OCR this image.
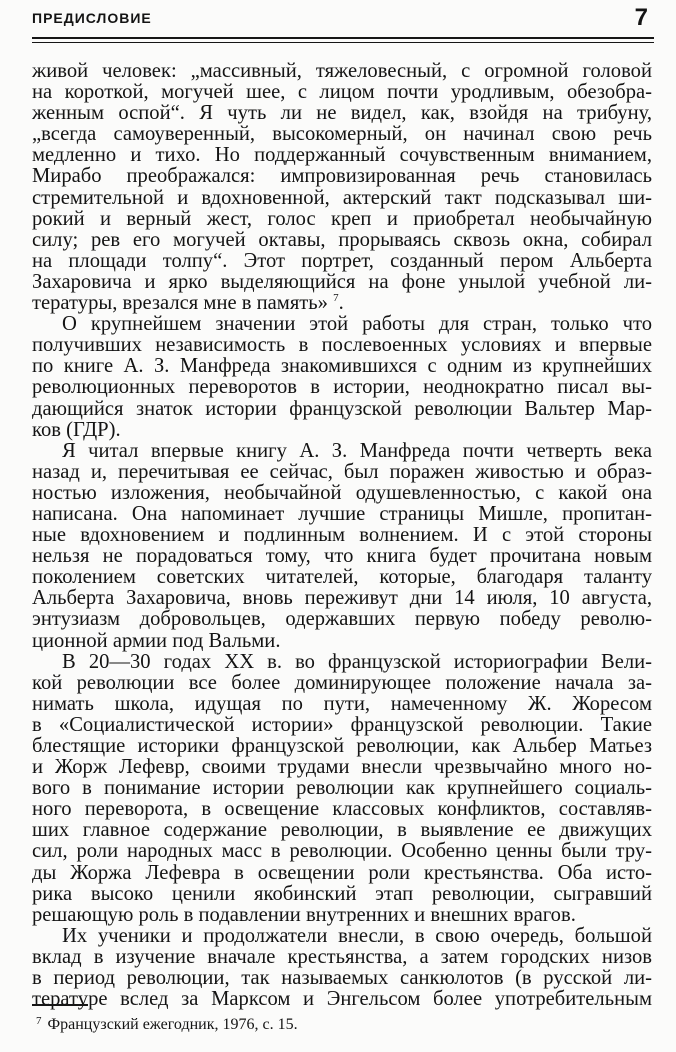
ПРЕДИСЛОВИЕ	7
живой человек: „массивный, тяжеловесный, с огромной головой
на короткой, могучей шее, с лицом почти уродливым, обезобра-
женным оспой“. Я чуть ли не видел, как, взойдя на трибуну,
„всегда самоуверенный, высокомерный, он начинал свою речь
медленно и тихо. Но поддержанный сочувственным вниманием,
Мирабо преображался: импровизированная речь становилась
стремительной и вдохновенной, актерский такт подсказывал ши-
рокий и верный жест, голос креп и приобретал необычайную
силу; рев его могучей октавы, прорываясь сквозь окна, собирал
на площади толпу“. Этот портрет, созданный пером Альберта
Захаровича и ярко выделяющийся на фоне унылой учебной ли-
тературы, врезался мне в память» $^7$.
О крупнейшем значении этой работы для стран, только что
получивших независимость в послевоенных условиях и впервые
по книге А. З. Манфреда знакомившихся с одним из крупнейших
революционных переворотов в истории, неоднократно писал вы-
дающийся знаток истории французской революции Вальтер Мар-
ков (ГДР).
Я читал впервые книгу А. З. Манфреда почти четверть века
назад и, перечитывая ее сейчас, был поражен живостью и образ-
ностью изложения, необычайной одушевленностью, с какой она
написана. Она напоминает лучшие страницы Мишле, пропитан-
ные вдохновением и подлинным волнением. И с этой стороны
нельзя не порадоваться тому, что книга будет прочитана новым
поколением советских читателей, которые, благодаря таланту
Альберта Захаровича, вновь переживут дни 14 июля, 10 августа,
энтузиазм добровольцев, одержавших первую победу револю-
ционной армии под Вальми.
В 20—30 годах XX в. во французской историографии Вели-
кой революции все более доминирующее положение начала за-
нимать школа, идущая по пути, намеченному Ж. Жоресом
в «Социалистической истории» французской революции. Такие
блестящие историки французской революции, как Альбер Матьез
и Жорж Лефевр, своими трудами внесли чрезвычайно много но-
вого в понимание истории революции как крупнейшего социаль-
ного переворота, в освещение классовых конфликтов, составляв-
ших главное содержание революции, в выявление ее движущих
сил, роли народных масс в революции. Особенно ценны были тру-
ды Жоржа Лефевра в освещении роли крестьянства. Оба исто-
рика высоко ценили якобинский этап революции, сыгравший
решающую роль в подавлении внутренних и внешних врагов.
Их ученики и продолжатели внесли, в свою очередь, большой
вклад в изучение вначале крестьянства, а затем городских низов
в период революции, так называемых санкюлотов (в русской ли-
тературе вслед за Марксом и Энгельсом более употребительным
$^7$ Французский ежегодник, 1976, с. 15.
